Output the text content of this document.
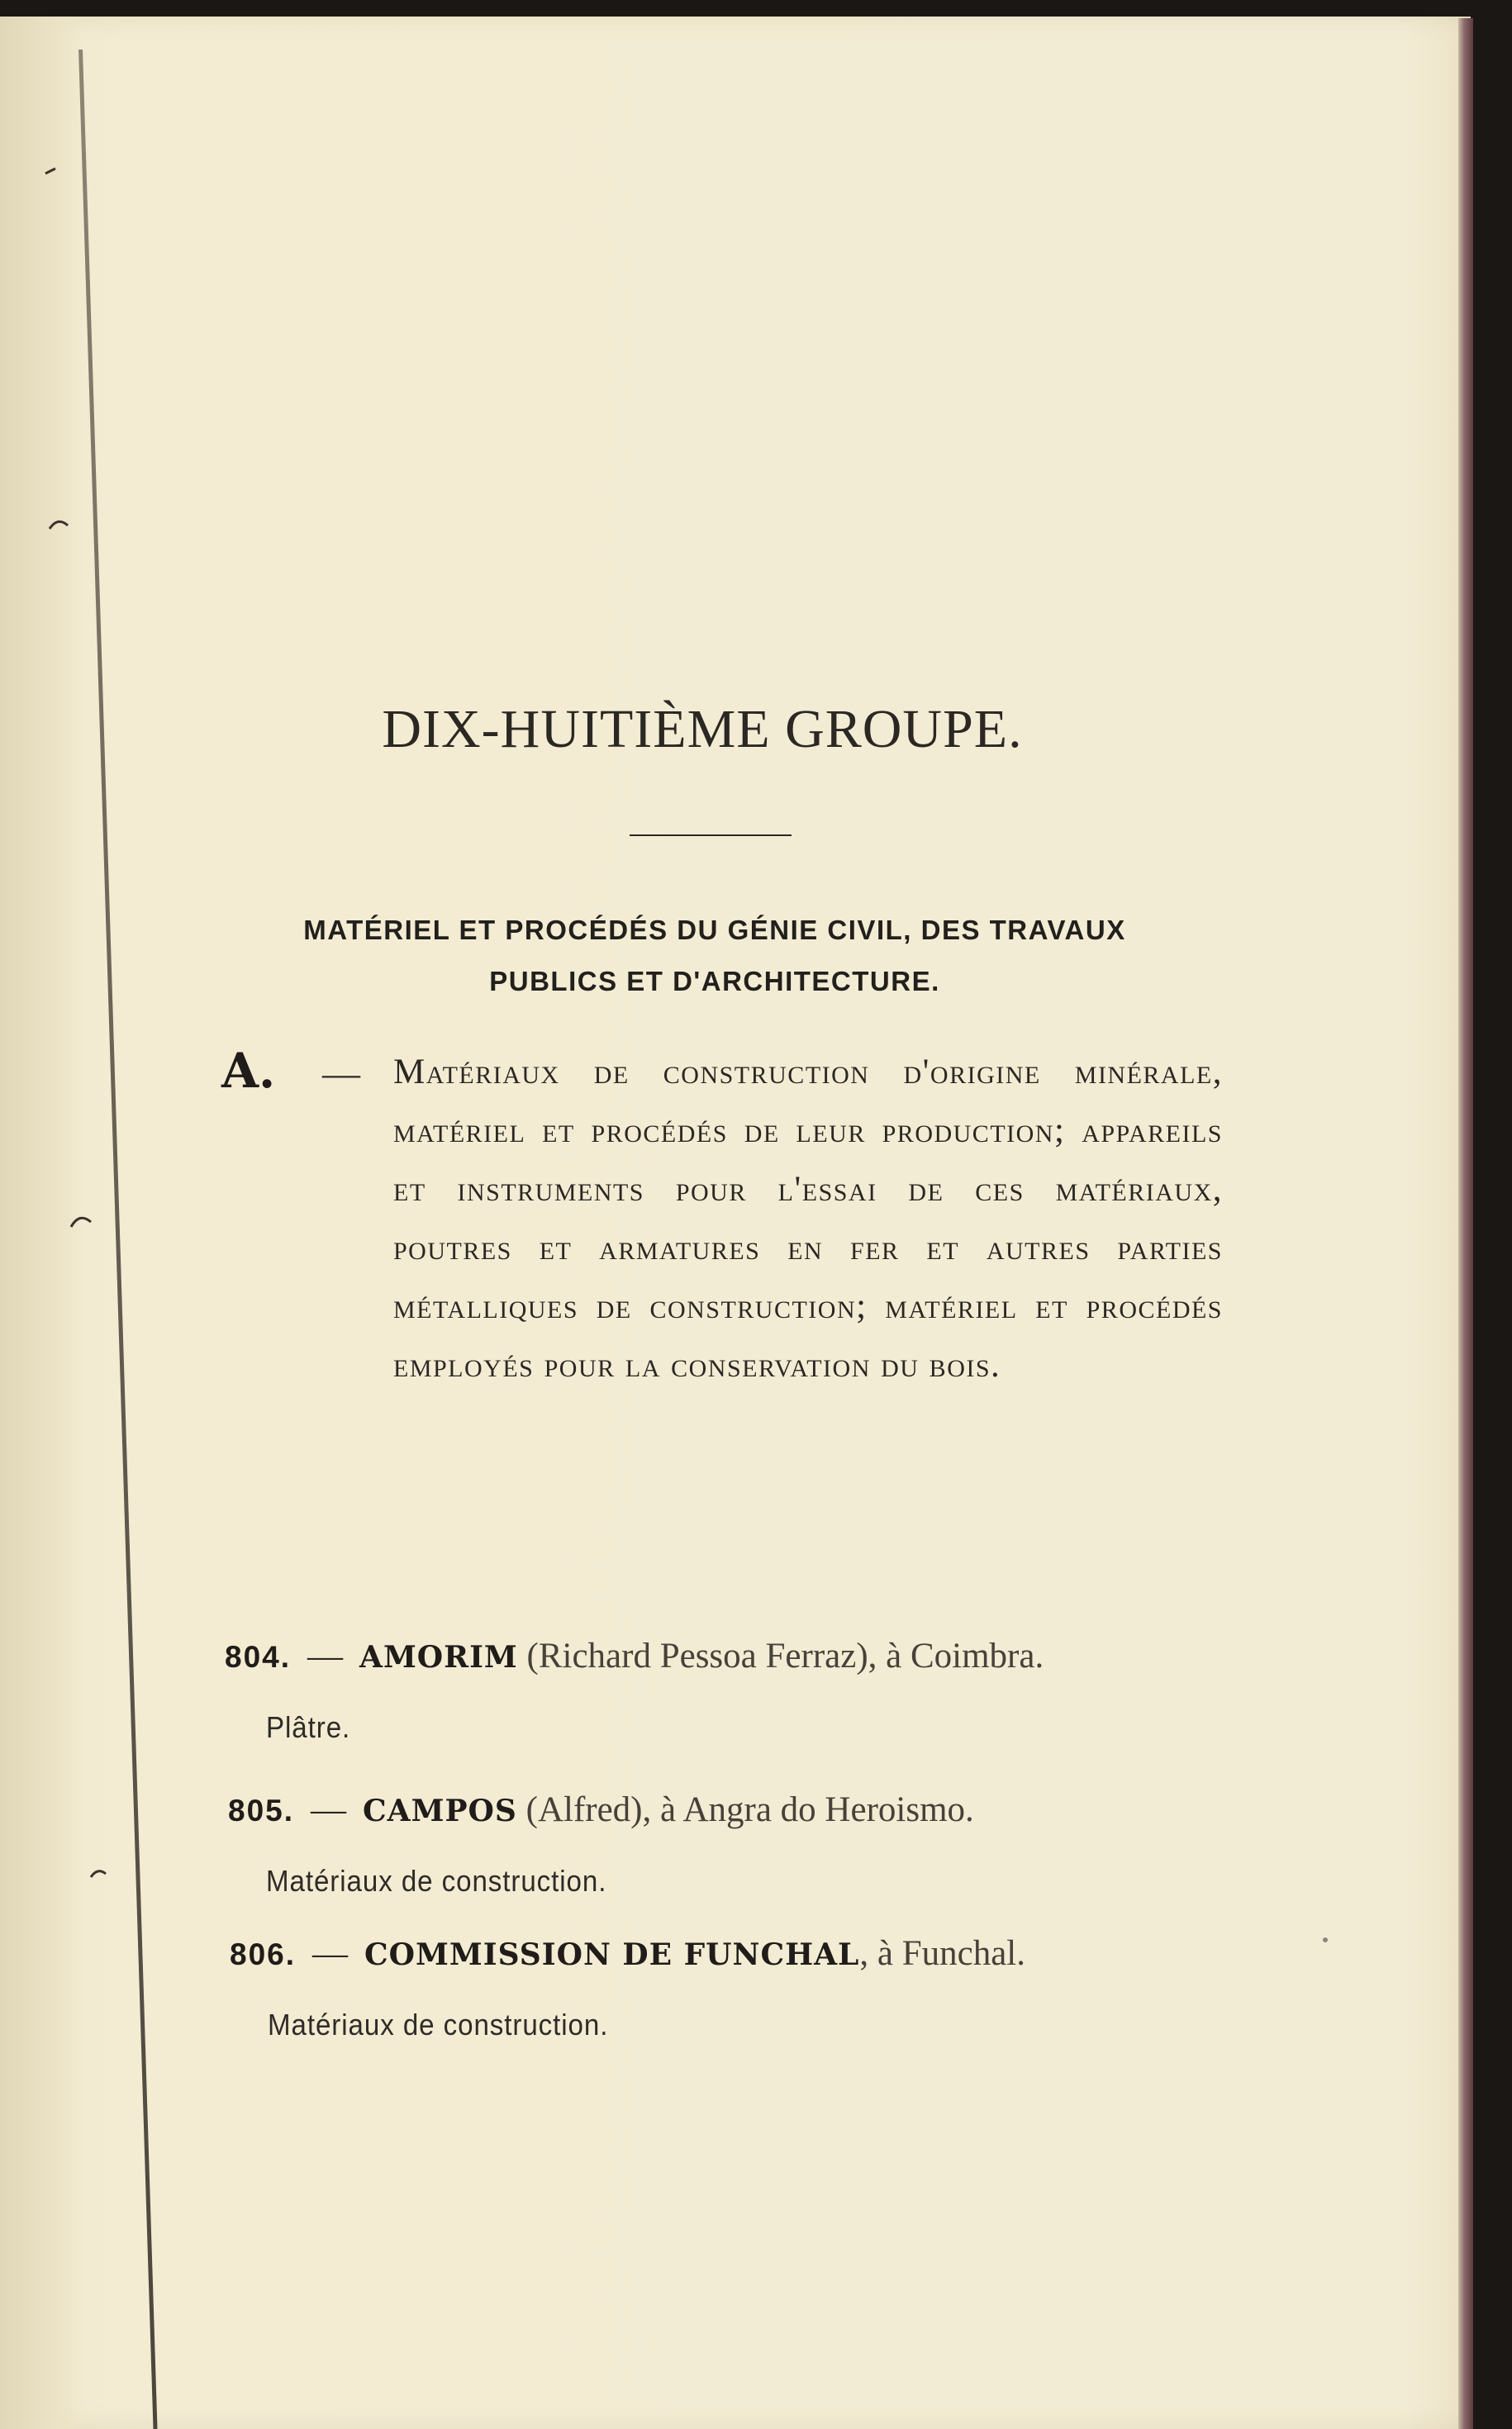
DIX-HUITIÈME GROUPE.
MATÉRIEL ET PROCÉDÉS DU GÉNIE CIVIL, DES TRAVAUX
PUBLICS ET D'ARCHITECTURE.
A. — Matériaux de construction d'origine minérale, matériel et procédés de leur production; appareils et instruments pour l'essai de ces matériaux, poutres et armatures en fer et autres parties métalliques de construction; matériel et procédés employés pour la conservation du bois.

804. — AMORIM (Richard Pessoa Ferraz), à Coimbra.
Plâtre.
805. — CAMPOS (Alfred), à Angra do Heroismo.
Matériaux de construction.
806. — COMMISSION DE FUNCHAL, à Funchal.
Matériaux de construction.
